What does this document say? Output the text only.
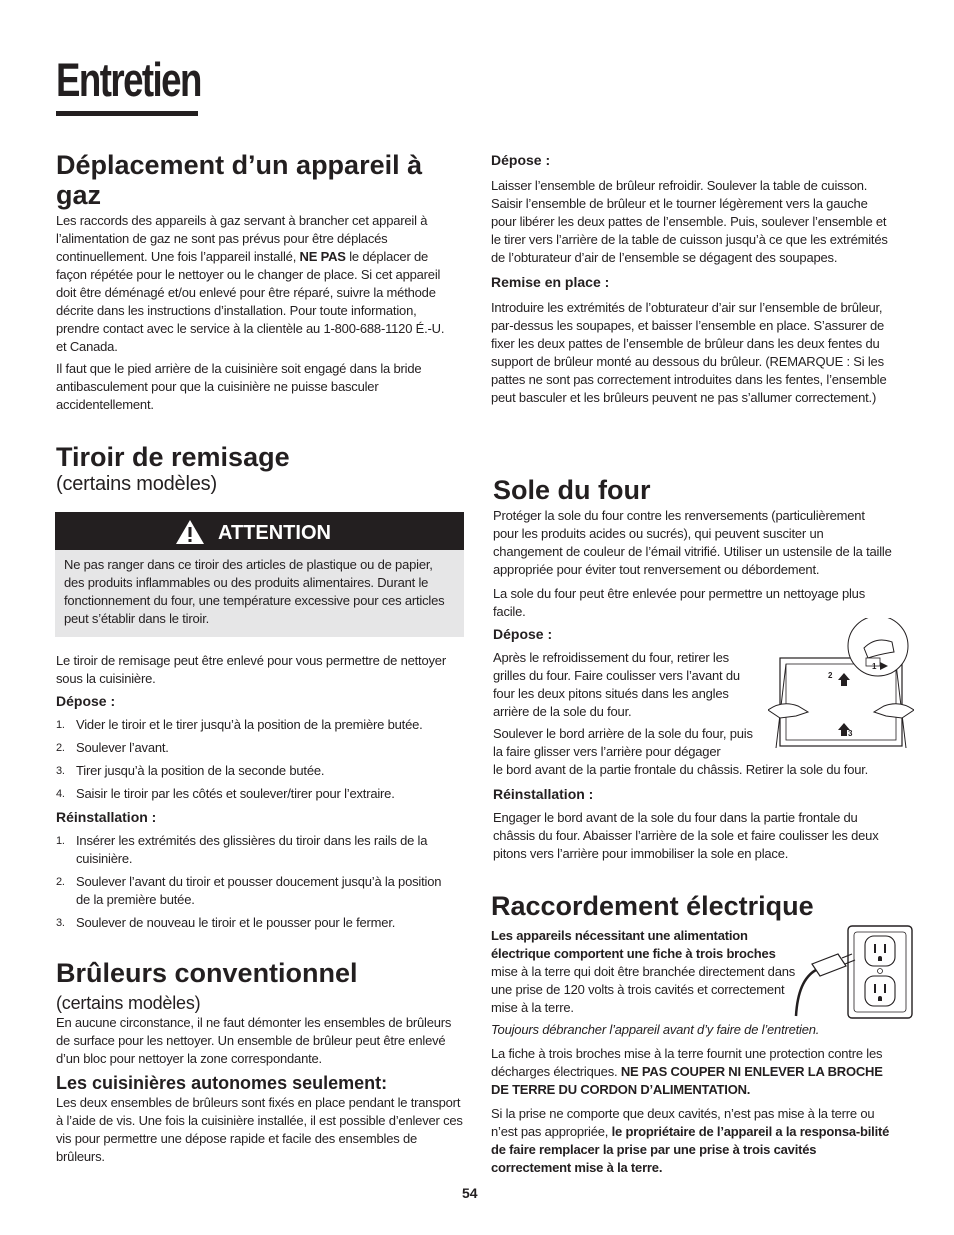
Entretien
Déplacement d’un appareil à gaz

Les raccords des appareils à gaz servant à brancher cet appareil à l’alimentation de gaz ne sont pas prévus pour être déplacés continuellement. Une fois l’appareil installé, NE PAS le déplacer de façon répétée pour le nettoyer ou le changer de place. Si cet appareil doit être déménagé et/ou enlevé pour être réparé, suivre la méthode décrite dans les instructions d’installation. Pour toute information, prendre contact avec le service à la clientèle au 1-800-688-1120 É.-U. et Canada.

Il faut que le pied arrière de la cuisinière soit engagé dans la bride antibasculement pour que la cuisinière ne puisse basculer accidentellement.

Tiroir de remisage

(certains modèles)

ATTENTION

Ne pas ranger dans ce tiroir des articles de plastique ou de papier, des produits inflammables ou des produits alimentaires. Durant le fonctionnement du four, une température excessive pour ces articles peut s’établir dans le tiroir.

Le tiroir de remisage peut être enlevé pour vous permettre de nettoyer sous la cuisinière.

Dépose :
1. Vider le tiroir et le tirer jusqu’à la position de la première butée.
2. Soulever l’avant.
3. Tirer jusqu’à la position de la seconde butée.
4. Saisir le tiroir par les côtés et soulever/tirer pour l’extraire.
Réinstallation :
1. Insérer les extrémités des glissières du tiroir dans les rails de la cuisinière.
2. Soulever l’avant du tiroir et pousser doucement jusqu’à la position de la première butée.
3. Soulever de nouveau le tiroir et le pousser pour le fermer.
Brûleurs conventionnel

(certains modèles)

En aucune circonstance, il ne faut démonter les ensembles de brûleurs de surface pour les nettoyer. Un ensemble de brûleur peut être enlevé d’un bloc pour nettoyer la zone correspondante.

Les cuisinières autonomes seulement:

Les deux ensembles de brûleurs sont fixés en place pendant le transport à l’aide de vis. Une fois la cuisinière installée, il est possible d’enlever ces vis pour permettre une dépose rapide et facile des ensembles de brûleurs.

Dépose :

Laisser l’ensemble de brûleur refroidir. Soulever la table de cuisson. Saisir l’ensemble de brûleur et le tourner légèrement vers la gauche pour libérer les deux pattes de l’ensemble. Puis, soulever l’ensemble et le tirer vers l’arrière de la table de cuisson jusqu’à ce que les extrémités de l’obturateur d’air de l’ensemble se dégagent des soupapes.

Remise en place :

Introduire les extrémités de l’obturateur d’air sur l’ensemble de brûleur, par-dessus les soupapes, et baisser l’ensemble en place. S’assurer de fixer les deux pattes de l’ensemble de brûleur dans les deux fentes du support de brûleur monté au dessous du brûleur. (REMARQUE : Si les pattes ne sont pas correctement introduites dans les fentes, l’ensemble peut basculer et les brûleurs peuvent ne pas s’allumer correctement.)

Sole du four

Protéger la sole du four contre les renversements (particulièrement pour les produits acides ou sucrés), qui peuvent susciter un changement de couleur de l’émail vitrifié. Utiliser un ustensile de la taille appropriée pour éviter tout renversement ou débordement.

La sole du four peut être enlevée pour permettre un nettoyage plus facile.

Dépose :

Après le refroidissement du four, retirer les grilles du four. Faire coulisser vers l’avant du four les deux pitons situés dans les angles arrière de la sole du four.

Soulever le bord arrière de la sole du four, puis la faire glisser vers l’arrière pour dégager

le bord avant de la partie frontale du châssis. Retirer la sole du four.

Réinstallation :

Engager le bord avant de la sole du four dans la partie frontale du châssis du four. Abaisser l’arrière de la sole et faire coulisser les deux pitons vers l’arrière pour immobiliser la sole en place.

2
3
1
Raccordement électrique

Les appareils nécessitant une alimentation électrique comportent une fiche à trois broches mise à la terre qui doit être branchée directement dans une prise de 120 volts à trois cavités et correctement mise à la terre.

Toujours débrancher l’appareil avant d’y faire de l’entretien.

La fiche à trois broches mise à la terre fournit une protection contre les décharges électriques. NE PAS COUPER NI ENLEVER LA BROCHE DE TERRE DU CORDON D’ALIMENTATION.

Si la prise ne comporte que deux cavités, n’est pas mise à la terre ou n’est pas appropriée, le propriétaire de l’appareil a la responsa-bilité de faire remplacer la prise par une prise à trois cavités correctement mise à la terre.

54
